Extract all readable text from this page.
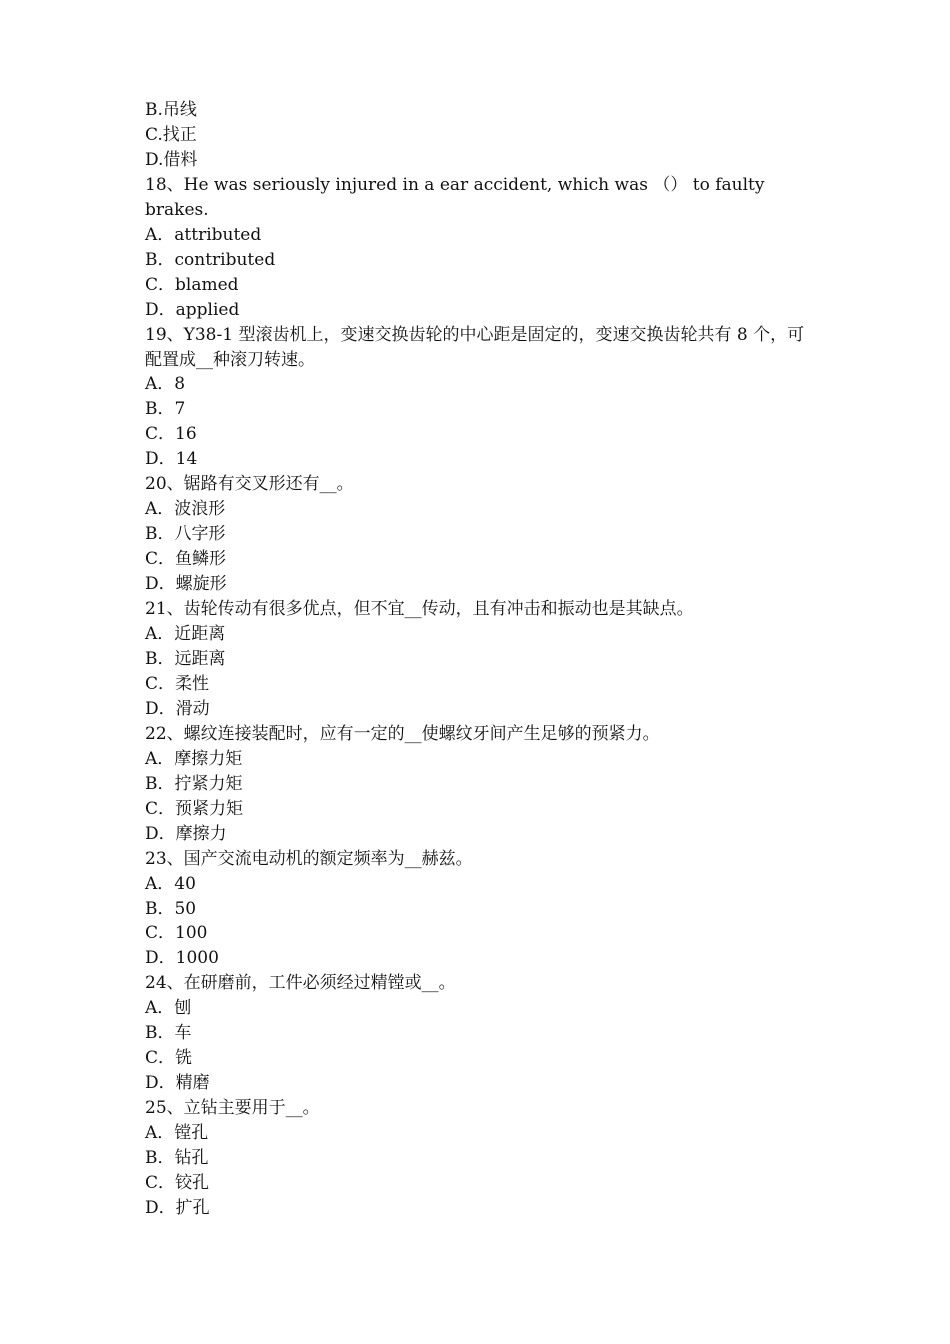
B.吊线

C.找正

D.借料

18、He was seriously injured in a ear accident, which was （） to faulty brakes.

A．attributed

B．contributed

C．blamed

D．applied

19、Y38-1 型滚齿机上，变速交换齿轮的中心距是固定的，变速交换齿轮共有 8 个，可配置成__种滚刀转速。

A．8

B．7

C．16

D．14

20、锯路有交叉形还有__。

A．波浪形

B．八字形

C．鱼鳞形

D．螺旋形

21、齿轮传动有很多优点，但不宜__传动，且有冲击和振动也是其缺点。

A．近距离

B．远距离

C．柔性

D．滑动

22、螺纹连接装配时，应有一定的__使螺纹牙间产生足够的预紧力。

A．摩擦力矩

B．拧紧力矩

C．预紧力矩

D．摩擦力

23、国产交流电动机的额定频率为__赫兹。

A．40

B．50

C．100

D．1000

24、在研磨前，工件必须经过精镗或__。

A．刨

B．车

C．铣

D．精磨

25、立钻主要用于__。

A．镗孔

B．钻孔

C．铰孔

D．扩孔
